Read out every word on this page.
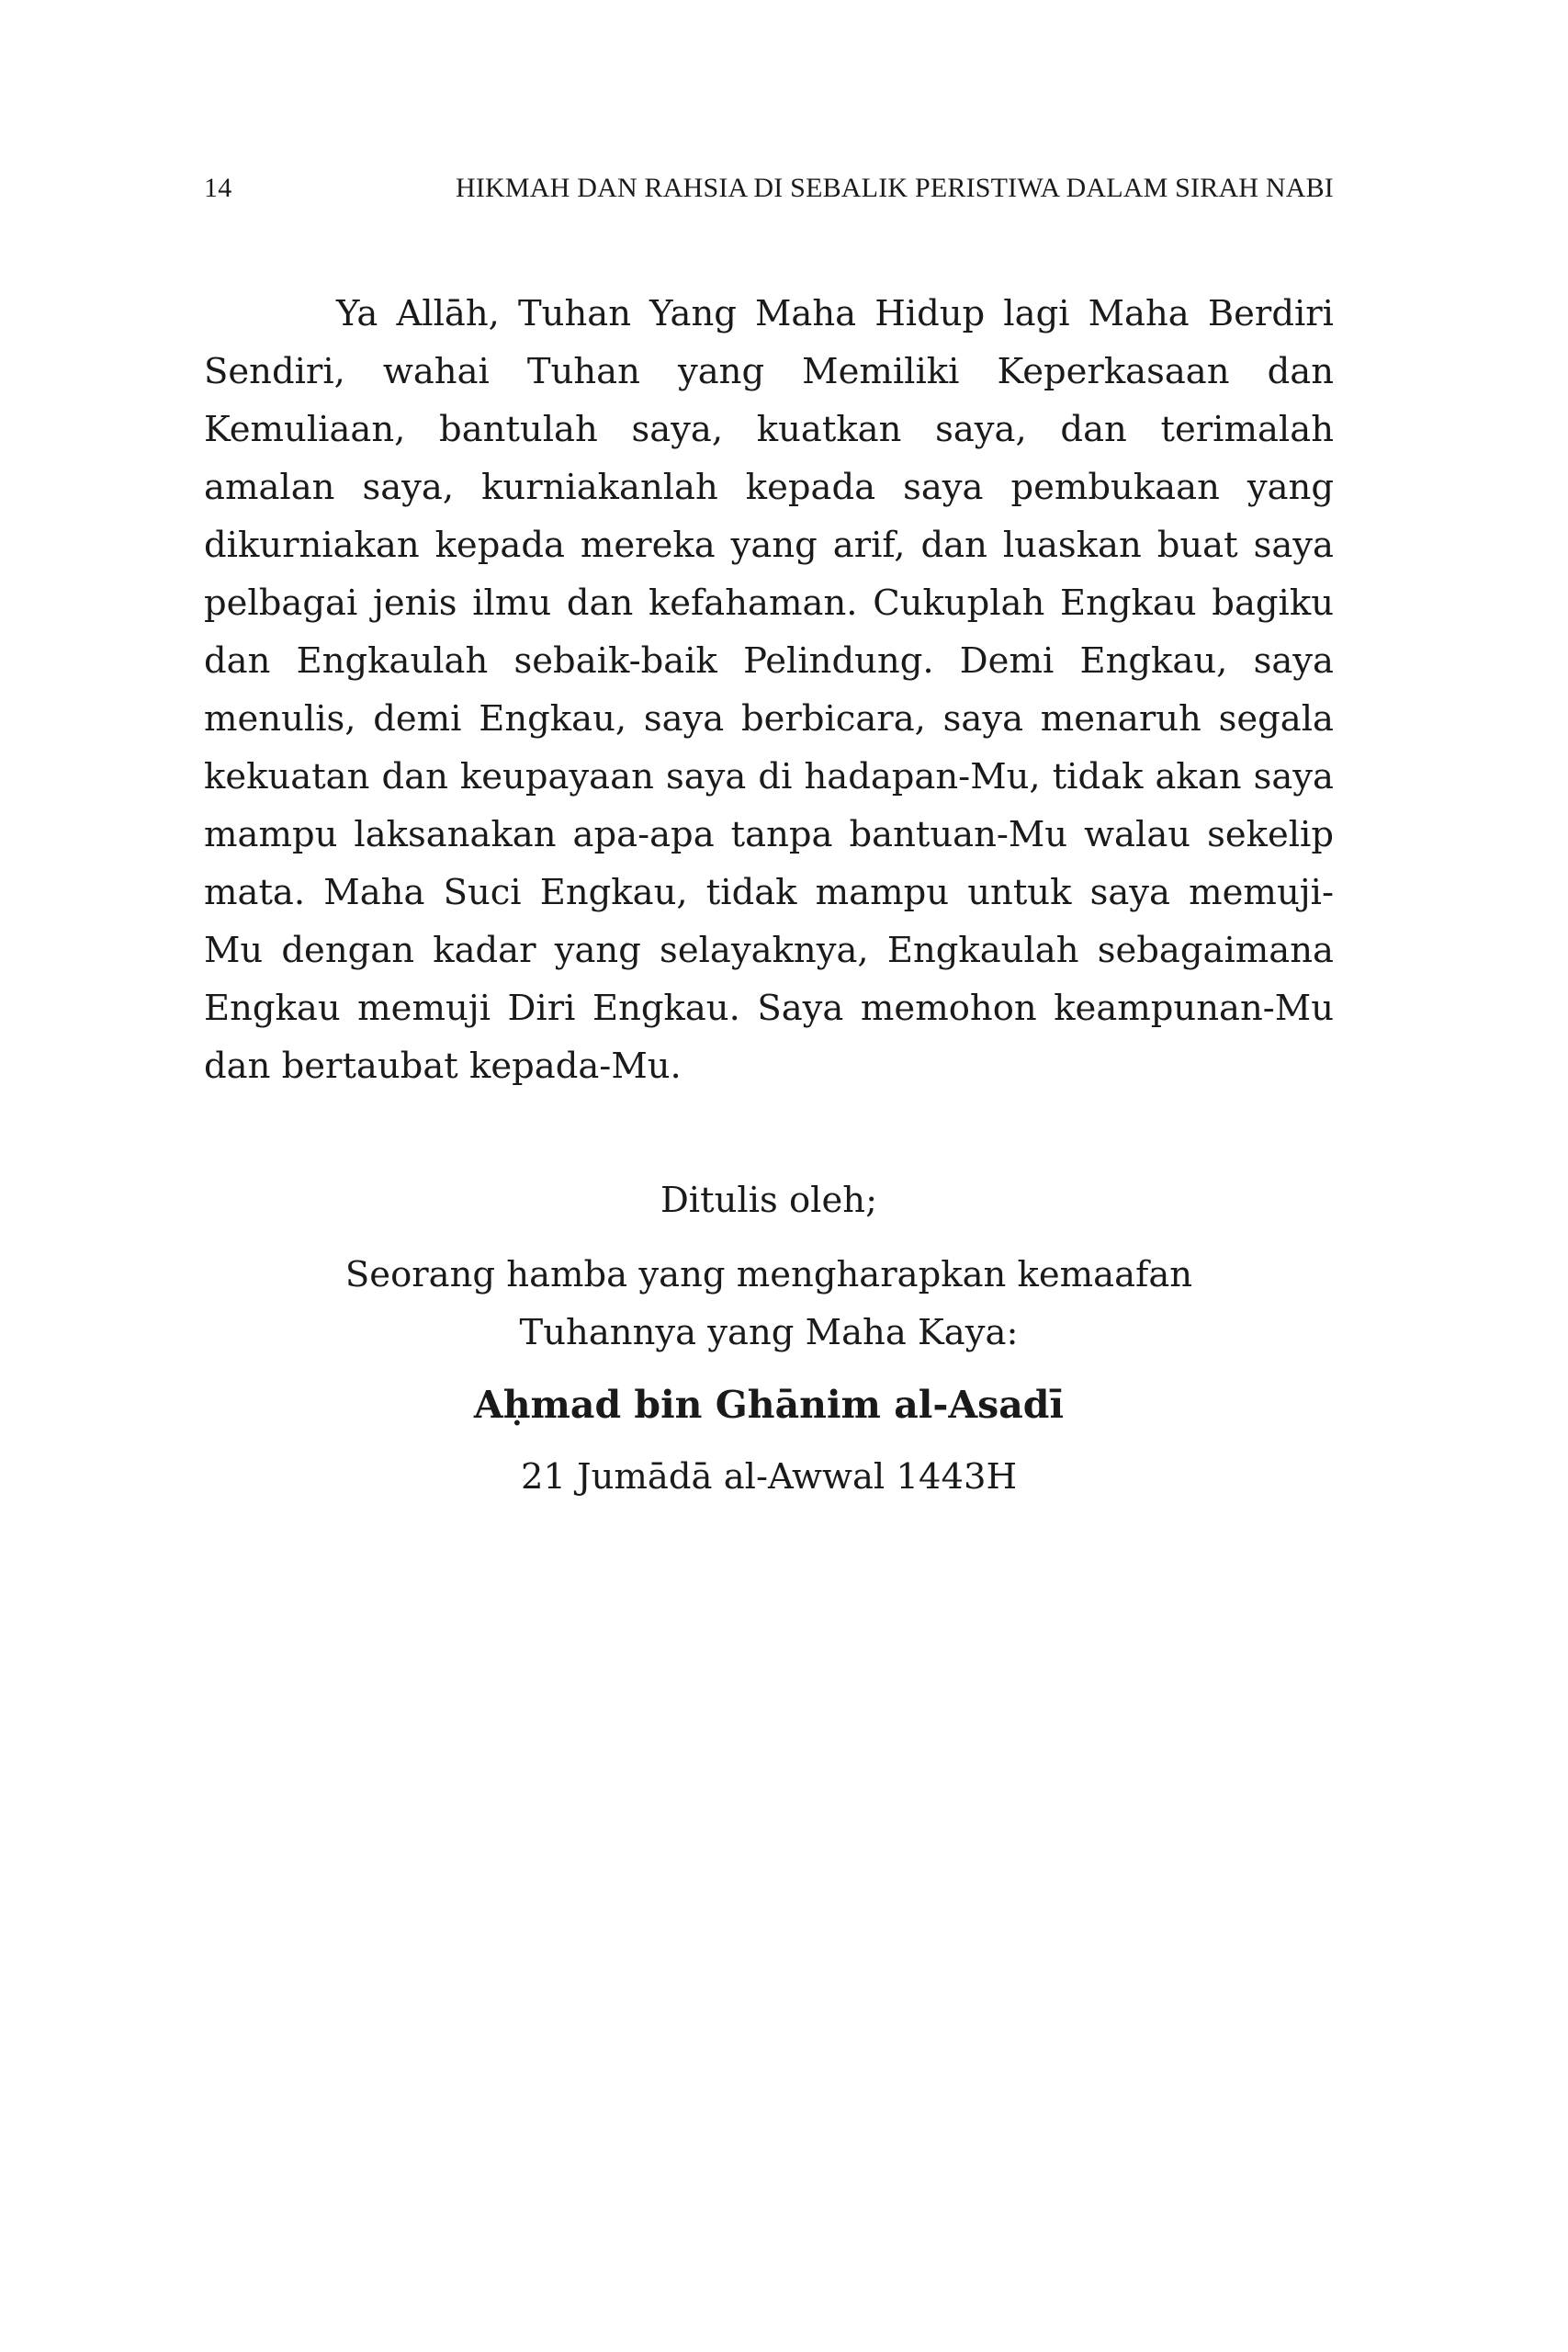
14	HIKMAH DAN RAHSIA DI SEBALIK PERISTIWA DALAM SIRAH NABI

Ya Allāh, Tuhan Yang Maha Hidup lagi Maha Berdiri Sendiri, wahai Tuhan yang Memiliki Keperkasaan dan Kemuliaan, bantulah saya, kuatkan saya, dan terimalah amalan saya, kurniakanlah kepada saya pembukaan yang dikurniakan kepada mereka yang arif, dan luaskan buat saya pelbagai jenis ilmu dan kefahaman. Cukuplah Engkau bagiku dan Engkaulah sebaik-baik Pelindung. Demi Engkau, saya menulis, demi Engkau, saya berbicara, saya menaruh segala kekuatan dan keupayaan saya di hadapan-Mu, tidak akan saya mampu laksanakan apa-apa tanpa bantuan-Mu walau sekelip mata. Maha Suci Engkau, tidak mampu untuk saya memuji-Mu dengan kadar yang selayaknya, Engkaulah sebagaimana Engkau memuji Diri Engkau. Saya memohon keampunan-Mu dan bertaubat kepada-Mu.

Ditulis oleh;
Seorang hamba yang mengharapkan kemaafan
Tuhannya yang Maha Kaya:
Aḥmad bin Ghānim al-Asadī
21 Jumādā al-Awwal 1443H
